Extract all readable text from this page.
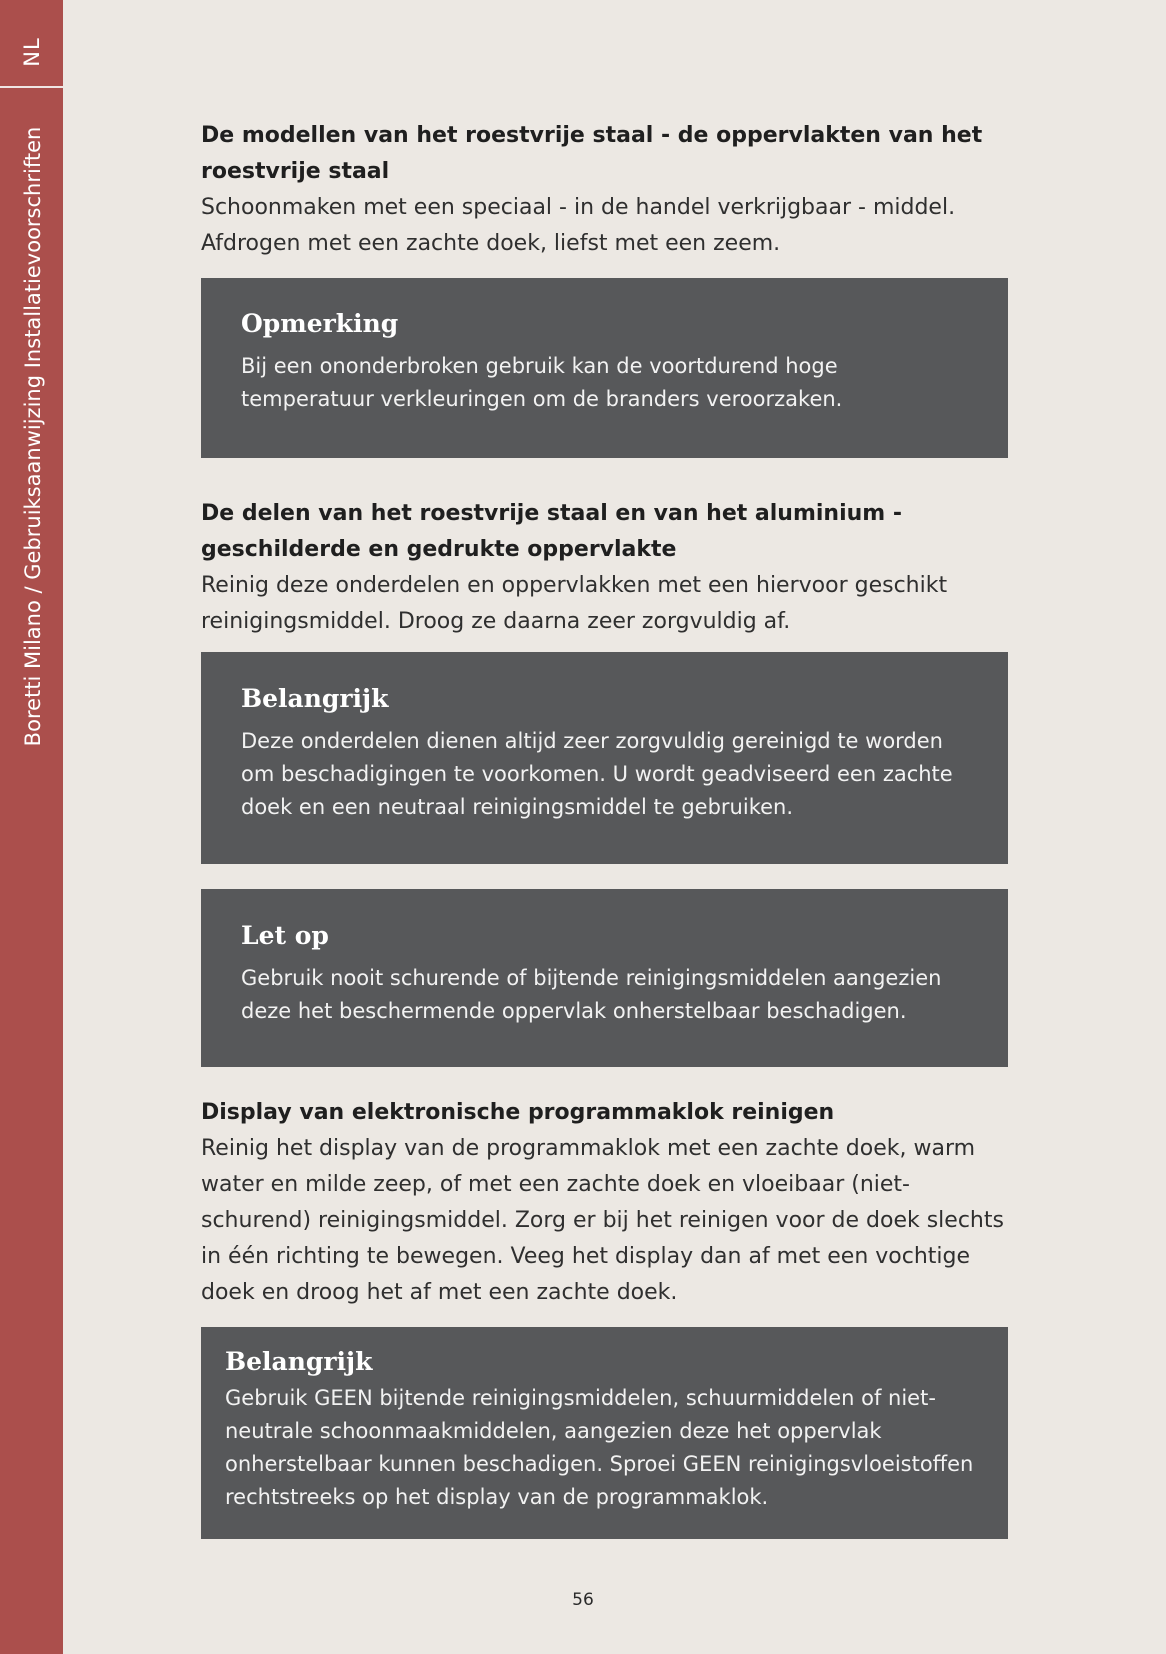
NL
Boretti Milano / Gebruiksaanwijzing Installatievoorschriften	De modellen van het roestvrije staal - de oppervlakten van het roestvrije staal

Schoonmaken met een speciaal - in de handel verkrijgbaar - middel. Afdrogen met een zachte doek, liefst met een zeem.

Opmerking

Bij een ononderbroken gebruik kan de voortdurend hoge temperatuur verkleuringen om de branders veroorzaken.

De delen van het roestvrije staal en van het aluminium - geschilderde en gedrukte oppervlakte

Reinig deze onderdelen en oppervlakken met een hiervoor geschikt reinigingsmiddel. Droog ze daarna zeer zorgvuldig af.

Belangrijk

Deze onderdelen dienen altijd zeer zorgvuldig gereinigd te worden om beschadigingen te voorkomen. U wordt geadviseerd een zachte doek en een neutraal reinigingsmiddel te gebruiken.

Let op

Gebruik nooit schurende of bijtende reinigingsmiddelen aangezien deze het beschermende oppervlak onherstelbaar beschadigen.

Display van elektronische programmaklok reinigen

Reinig het display van de programmaklok met een zachte doek, warm water en milde zeep, of met een zachte doek en vloeibaar (niet-schurend) reinigingsmiddel. Zorg er bij het reinigen voor de doek slechts in één richting te bewegen. Veeg het display dan af met een vochtige doek en droog het af met een zachte doek.

Belangrijk

Gebruik GEEN bijtende reinigingsmiddelen, schuurmiddelen of niet-neutrale schoonmaakmiddelen, aangezien deze het oppervlak onherstelbaar kunnen beschadigen. Sproei GEEN reinigingsvloeistoffen rechtstreeks op het display van de programmaklok.

56
